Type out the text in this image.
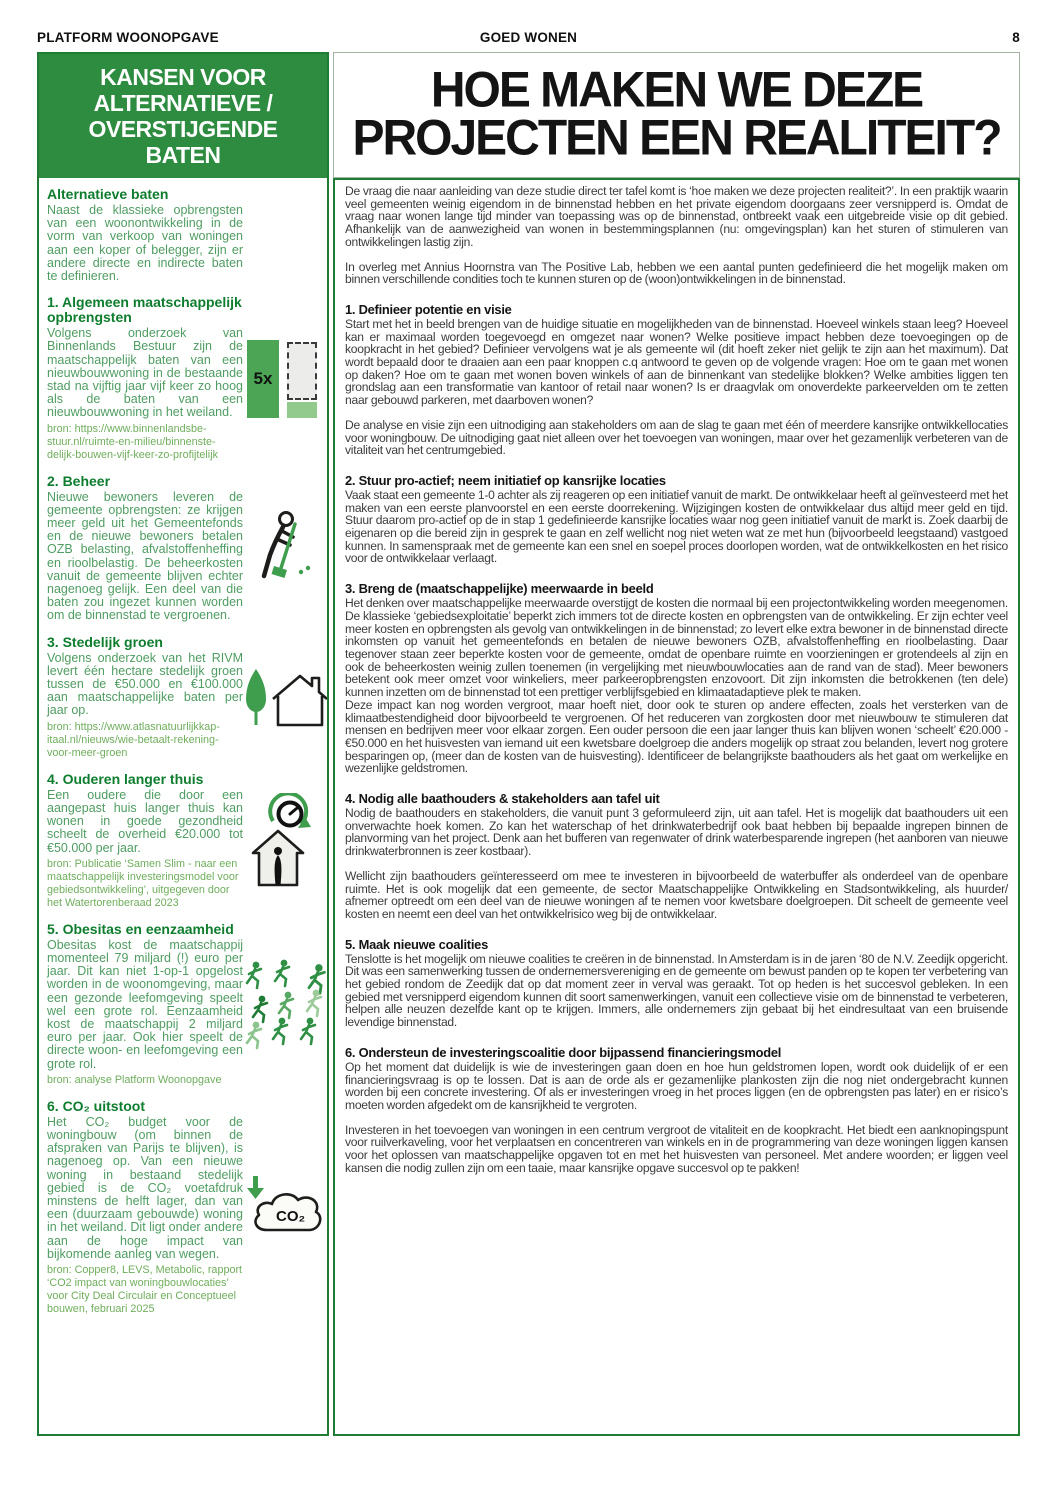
PLATFORM WOONOPGAVE	GOED WONEN	8
KANSEN VOOR
ALTERNATIEVE /
OVERSTIJGENDE
BATEN

Alternatieve baten

Naast de klassieke opbrengsten van een woonontwikkeling in de vorm van verkoop van woningen aan een koper of belegger, zijn er andere directe en indirecte baten te definieren.

1. Algemeen maatschappelijk opbrengsten

Volgens onderzoek van Binnenlands Bestuur zijn de maatschappelijk baten van een nieuwbouwwoning in de bestaande stad na vijftig jaar vijf keer zo hoog als de baten van een nieuwbouwwoning in het weiland.

bron: https://www.binnenlandsbe-stuur.nl/ruimte-en-milieu/binnenste-delijk-bouwen-vijf-keer-zo-profijtelijk

5x

2. Beheer

Nieuwe bewoners leveren de gemeente opbrengsten: ze krijgen meer geld uit het Gemeentefonds en de nieuwe bewoners betalen OZB belasting, afvalstoffenheffing en rioolbelastig. De beheerkosten vanuit de gemeente blijven echter nagenoeg gelijk. Een deel van die baten zou ingezet kunnen worden om de binnenstad te vergroenen.

3. Stedelijk groen

Volgens onderzoek van het RIVM levert één hectare stedelijk groen tussen de €50.000 en €100.000 aan maatschappelijke baten per jaar op.

bron: https://www.atlasnatuurlijkkap-itaal.nl/nieuws/wie-betaalt-rekening-voor-meer-groen

4. Ouderen langer thuis

Een oudere die door een aangepast huis langer thuis kan wonen in goede gezondheid scheelt de overheid €20.000 tot €50.000 per jaar.

bron: Publicatie ‘Samen Slim - naar een maatschappelijk investeringsmodel voor gebiedsontwikkeling’, uitgegeven door het Watertorenberaad 2023

5. Obesitas en eenzaamheid

Obesitas kost de maatschappij momenteel 79 miljard (!) euro per jaar. Dit kan niet 1-op-1 opgelost worden in de woonomgeving, maar een gezonde leefomgeving speelt wel een grote rol. Eenzaamheid kost de maatschappij 2 miljard euro per jaar. Ook hier speelt de directe woon- en leefomgeving een grote rol.

bron: analyse Platform Woonopgave

6. CO₂ uitstoot

Het CO₂ budget voor de woningbouw (om binnen de afspraken van Parijs te blijven), is nagenoeg op. Van een nieuwe woning in bestaand stedelijk gebied is de CO₂ voetafdruk minstens de helft lager, dan van een (duurzaam gebouwde) woning in het weiland. Dit ligt onder andere aan de hoge impact van bijkomende aanleg van wegen.

bron: Copper8, LEVS, Metabolic, rapport ‘CO2 impact van woningbouwlocaties’ voor City Deal Circulair en Conceptueel bouwen, februari 2025

CO₂
HOE MAKEN WE DEZE
PROJECTEN EEN REALITEIT?

De vraag die naar aanleiding van deze studie direct ter tafel komt is ‘hoe maken we deze projecten realiteit?’. In een praktijk waarin veel gemeenten weinig eigendom in de binnenstad hebben en het private eigendom doorgaans zeer versnipperd is. Omdat de vraag naar wonen lange tijd minder van toepassing was op de binnenstad, ontbreekt vaak een uitgebreide visie op dit gebied. Afhankelijk van de aanwezigheid van wonen in bestemmingsplannen (nu: omgevingsplan) kan het sturen of stimuleren van ontwikkelingen lastig zijn.

In overleg met Annius Hoornstra van The Positive Lab, hebben we een aantal punten gedefinieerd die het mogelijk maken om binnen verschillende condities toch te kunnen sturen op de (woon)ontwikkelingen in de binnenstad.

1. Definieer potentie en visie

Start met het in beeld brengen van de huidige situatie en mogelijkheden van de binnenstad. Hoeveel winkels staan leeg? Hoeveel kan er maximaal worden toegevoegd en omgezet naar wonen? Welke positieve impact hebben deze toevoegingen op de koopkracht in het gebied? Definieer vervolgens wat je als gemeente wil (dit hoeft zeker niet gelijk te zijn aan het maximum). Dat wordt bepaald door te draaien aan een paar knoppen c.q antwoord te geven op de volgende vragen: Hoe om te gaan met wonen op daken? Hoe om te gaan met wonen boven winkels of aan de binnenkant van stedelijke blokken? Welke ambities liggen ten grondslag aan een transformatie van kantoor of retail naar wonen? Is er draagvlak om onoverdekte parkeervelden om te zetten naar gebouwd parkeren, met daarboven wonen?

De analyse en visie zijn een uitnodiging aan stakeholders om aan de slag te gaan met één of meerdere kansrijke ontwikkellocaties voor woningbouw. De uitnodiging gaat niet alleen over het toevoegen van woningen, maar over het gezamenlijk verbeteren van de vitaliteit van het centrumgebied.

2. Stuur pro-actief; neem initiatief op kansrijke locaties

Vaak staat een gemeente 1-0 achter als zij reageren op een initiatief vanuit de markt. De ontwikkelaar heeft al geïnvesteerd met het maken van een eerste planvoorstel en een eerste doorrekening. Wijzigingen kosten de ontwikkelaar dus altijd meer geld en tijd. Stuur daarom pro-actief op de in stap 1 gedefinieerde kansrijke locaties waar nog geen initiatief vanuit de markt is. Zoek daarbij de eigenaren op die bereid zijn in gesprek te gaan en zelf wellicht nog niet weten wat ze met hun (bijvoorbeeld leegstaand) vastgoed kunnen. In samenspraak met de gemeente kan een snel en soepel proces doorlopen worden, wat de ontwikkelkosten en het risico voor de ontwikkelaar verlaagt.

3. Breng de (maatschappelijke) meerwaarde in beeld

Het denken over maatschappelijke meerwaarde overstijgt de kosten die normaal bij een projectontwikkeling worden meegenomen. De klassieke ‘gebiedsexploitatie’ beperkt zich immers tot de directe kosten en opbrengsten van de ontwikkeling. Er zijn echter veel meer kosten en opbrengsten als gevolg van ontwikkelingen in de binnenstad; zo levert elke extra bewoner in de binnenstad directe inkomsten op vanuit het gemeentefonds en betalen de nieuwe bewoners OZB, afvalstoffenheffing en rioolbelasting. Daar tegenover staan zeer beperkte kosten voor de gemeente, omdat de openbare ruimte en voorzieningen er grotendeels al zijn en ook de beheerkosten weinig zullen toenemen (in vergelijking met nieuwbouwlocaties aan de rand van de stad). Meer bewoners betekent ook meer omzet voor winkeliers, meer parkeeropbrengsten enzovoort. Dit zijn inkomsten die betrokkenen (ten dele) kunnen inzetten om de binnenstad tot een prettiger verblijfsgebied en klimaatadaptieve plek te maken.

Deze impact kan nog worden vergroot, maar hoeft niet, door ook te sturen op andere effecten, zoals het versterken van de klimaatbestendigheid door bijvoorbeeld te vergroenen. Of het reduceren van zorgkosten door met nieuwbouw te stimuleren dat mensen en bedrijven meer voor elkaar zorgen. Een ouder persoon die een jaar langer thuis kan blijven wonen ‘scheelt’ €20.000 - €50.000 en het huisvesten van iemand uit een kwetsbare doelgroep die anders mogelijk op straat zou belanden, levert nog grotere besparingen op, (meer dan de kosten van de huisvesting). Identificeer de belangrijkste baathouders als het gaat om werkelijke en wezenlijke geldstromen.

4. Nodig alle baathouders & stakeholders aan tafel uit

Nodig de baathouders en stakeholders, die vanuit punt 3 geformuleerd zijn, uit aan tafel. Het is mogelijk dat baathouders uit een onverwachte hoek komen. Zo kan het waterschap of het drinkwaterbedrijf ook baat hebben bij bepaalde ingrepen binnen de planvorming van het project. Denk aan het bufferen van regenwater of drink waterbesparende ingrepen (het aanboren van nieuwe drinkwaterbronnen is zeer kostbaar).

Wellicht zijn baathouders geïnteresseerd om mee te investeren in bijvoorbeeld de waterbuffer als onderdeel van de openbare ruimte. Het is ook mogelijk dat een gemeente, de sector Maatschappelijke Ontwikkeling en Stadsontwikkeling, als huurder/ afnemer optreedt om een deel van de nieuwe woningen af te nemen voor kwetsbare doelgroepen. Dit scheelt de gemeente veel kosten en neemt een deel van het ontwikkelrisico weg bij de ontwikkelaar.

5. Maak nieuwe coalities

Tenslotte is het mogelijk om nieuwe coalities te creëren in de binnenstad. In Amsterdam is in de jaren ‘80 de N.V. Zeedijk opgericht. Dit was een samenwerking tussen de ondernemersvereniging en de gemeente om bewust panden op te kopen ter verbetering van het gebied rondom de Zeedijk dat op dat moment zeer in verval was geraakt. Tot op heden is het succesvol gebleken. In een gebied met versnipperd eigendom kunnen dit soort samenwerkingen, vanuit een collectieve visie om de binnenstad te verbeteren, helpen alle neuzen dezelfde kant op te krijgen. Immers, alle ondernemers zijn gebaat bij het eindresultaat van een bruisende levendige binnenstad.

6. Ondersteun de investeringscoalitie door bijpassend financieringsmodel

Op het moment dat duidelijk is wie de investeringen gaan doen en hoe hun geldstromen lopen, wordt ook duidelijk of er een financieringsvraag is op te lossen. Dat is aan de orde als er gezamenlijke plankosten zijn die nog niet ondergebracht kunnen worden bij een concrete investering. Of als er investeringen vroeg in het proces liggen (en de opbrengsten pas later) en er risico’s moeten worden afgedekt om de kansrijkheid te vergroten.

Investeren in het toevoegen van woningen in een centrum vergroot de vitaliteit en de koopkracht. Het biedt een aanknopingspunt voor ruilverkaveling, voor het verplaatsen en concentreren van winkels en in de programmering van deze woningen liggen kansen voor het oplossen van maatschappelijke opgaven tot en met het huisvesten van personeel. Met andere woorden; er liggen veel kansen die nodig zullen zijn om een taaie, maar kansrijke opgave succesvol op te pakken!
